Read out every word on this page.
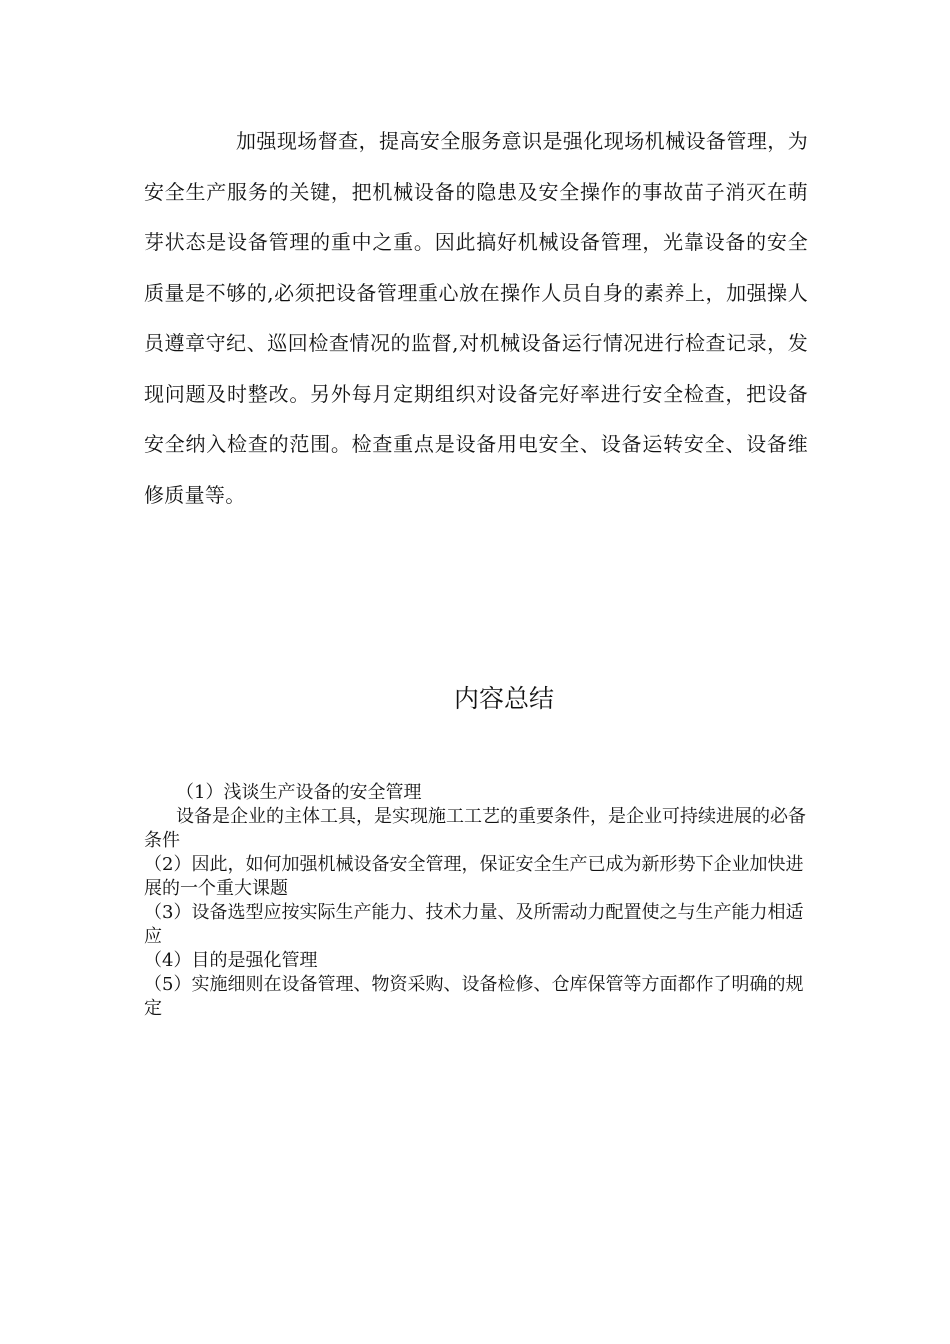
加强现场督查，提高安全服务意识是强化现场机械设备管理，为安全生产服务的关键，把机械设备的隐患及安全操作的事故苗子消灭在萌芽状态是设备管理的重中之重。因此搞好机械设备管理，光靠设备的安全质量是不够的,必须把设备管理重心放在操作人员自身的素养上，加强操人员遵章守纪、巡回检查情况的监督,对机械设备运行情况进行检查记录，发现问题及时整改。另外每月定期组织对设备完好率进行安全检查，把设备安全纳入检查的范围。检查重点是设备用电安全、设备运转安全、设备维修质量等。

内容总结

（1）浅谈生产设备的安全管理

设备是企业的主体工具，是实现施工工艺的重要条件，是企业可持续进展的必备条件

（2）因此，如何加强机械设备安全管理，保证安全生产已成为新形势下企业加快进展的一个重大课题

（3）设备选型应按实际生产能力、技术力量、及所需动力配置使之与生产能力相适应

（4）目的是强化管理

（5）实施细则在设备管理、物资采购、设备检修、仓库保管等方面都作了明确的规定
